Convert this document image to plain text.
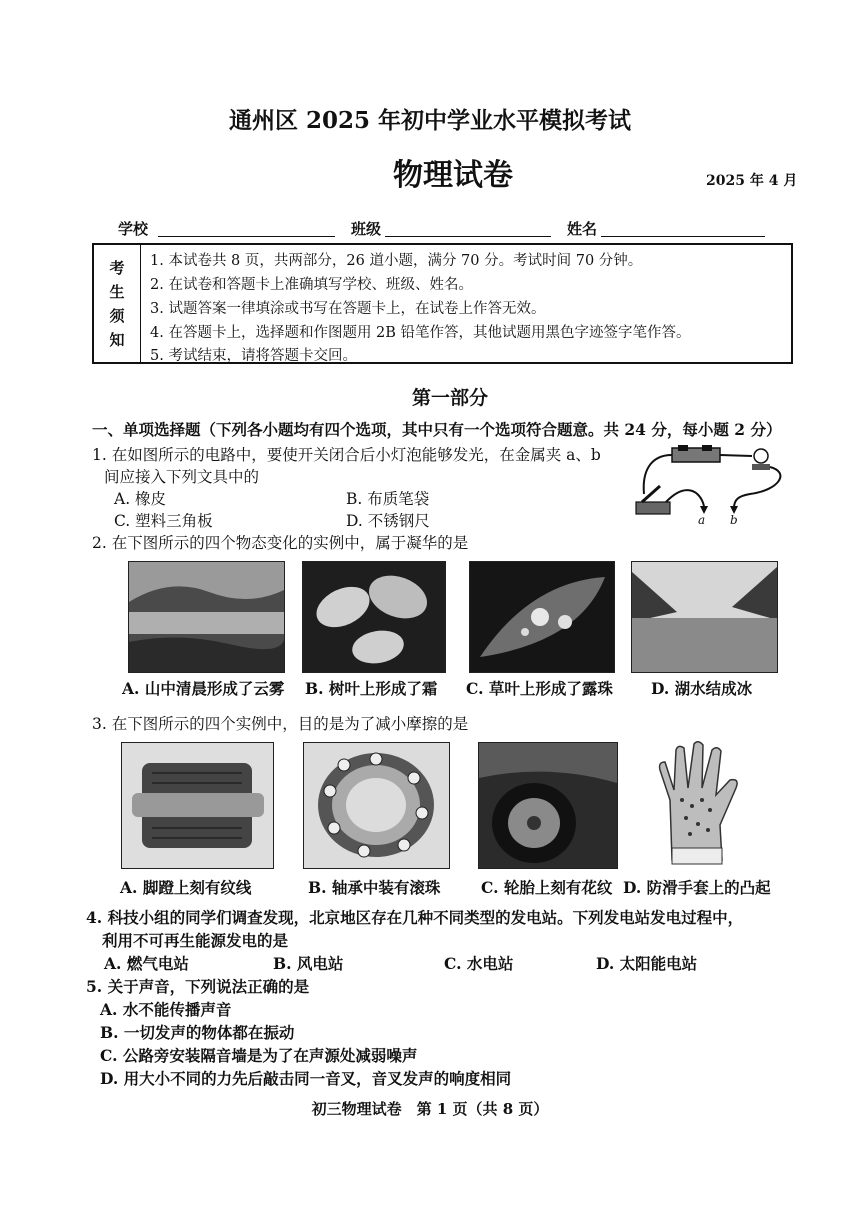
通州区 2025 年初中学业水平模拟考试
物理试卷	2025 年 4 月
学校	班级	姓名
考
生
须
知
1. 本试卷共 8 页，共两部分，26 道小题，满分 70 分。考试时间 70 分钟。
2. 在试卷和答题卡上准确填写学校、班级、姓名。
3. 试题答案一律填涂或书写在答题卡上，在试卷上作答无效。
4. 在答题卡上，选择题和作图题用 2B 铅笔作答，其他试题用黑色字迹签字笔作答。
5. 考试结束，请将答题卡交回。
第一部分
一、单项选择题（下列各小题均有四个选项，其中只有一个选项符合题意。共 24 分，每小题 2 分）
1. 在如图所示的电路中，要使开关闭合后小灯泡能够发光，在金属夹 a、b
间应接入下列文具中的
A. 橡皮	B. 布质笔袋
C. 塑料三角板	D. 不锈钢尺	a b
2. 在下图所示的四个物态变化的实例中，属于凝华的是
A. 山中清晨形成了云雾 B. 树叶上形成了霜 C. 草叶上形成了露珠 D. 湖水结成冰
3. 在下图所示的四个实例中，目的是为了减小摩擦的是
A. 脚蹬上刻有纹线	B. 轴承中装有滚珠	C. 轮胎上刻有花纹 D. 防滑手套上的凸起
4. 科技小组的同学们调查发现，北京地区存在几种不同类型的发电站。下列发电站发电过程中，
利用不可再生能源发电的是
A. 燃气电站	B. 风电站	C. 水电站	D. 太阳能电站
5. 关于声音，下列说法正确的是
A. 水不能传播声音
B. 一切发声的物体都在振动
C. 公路旁安装隔音墙是为了在声源处减弱噪声
D. 用大小不同的力先后敲击同一音叉，音叉发声的响度相同
初三物理试卷　第 1 页（共 8 页）
